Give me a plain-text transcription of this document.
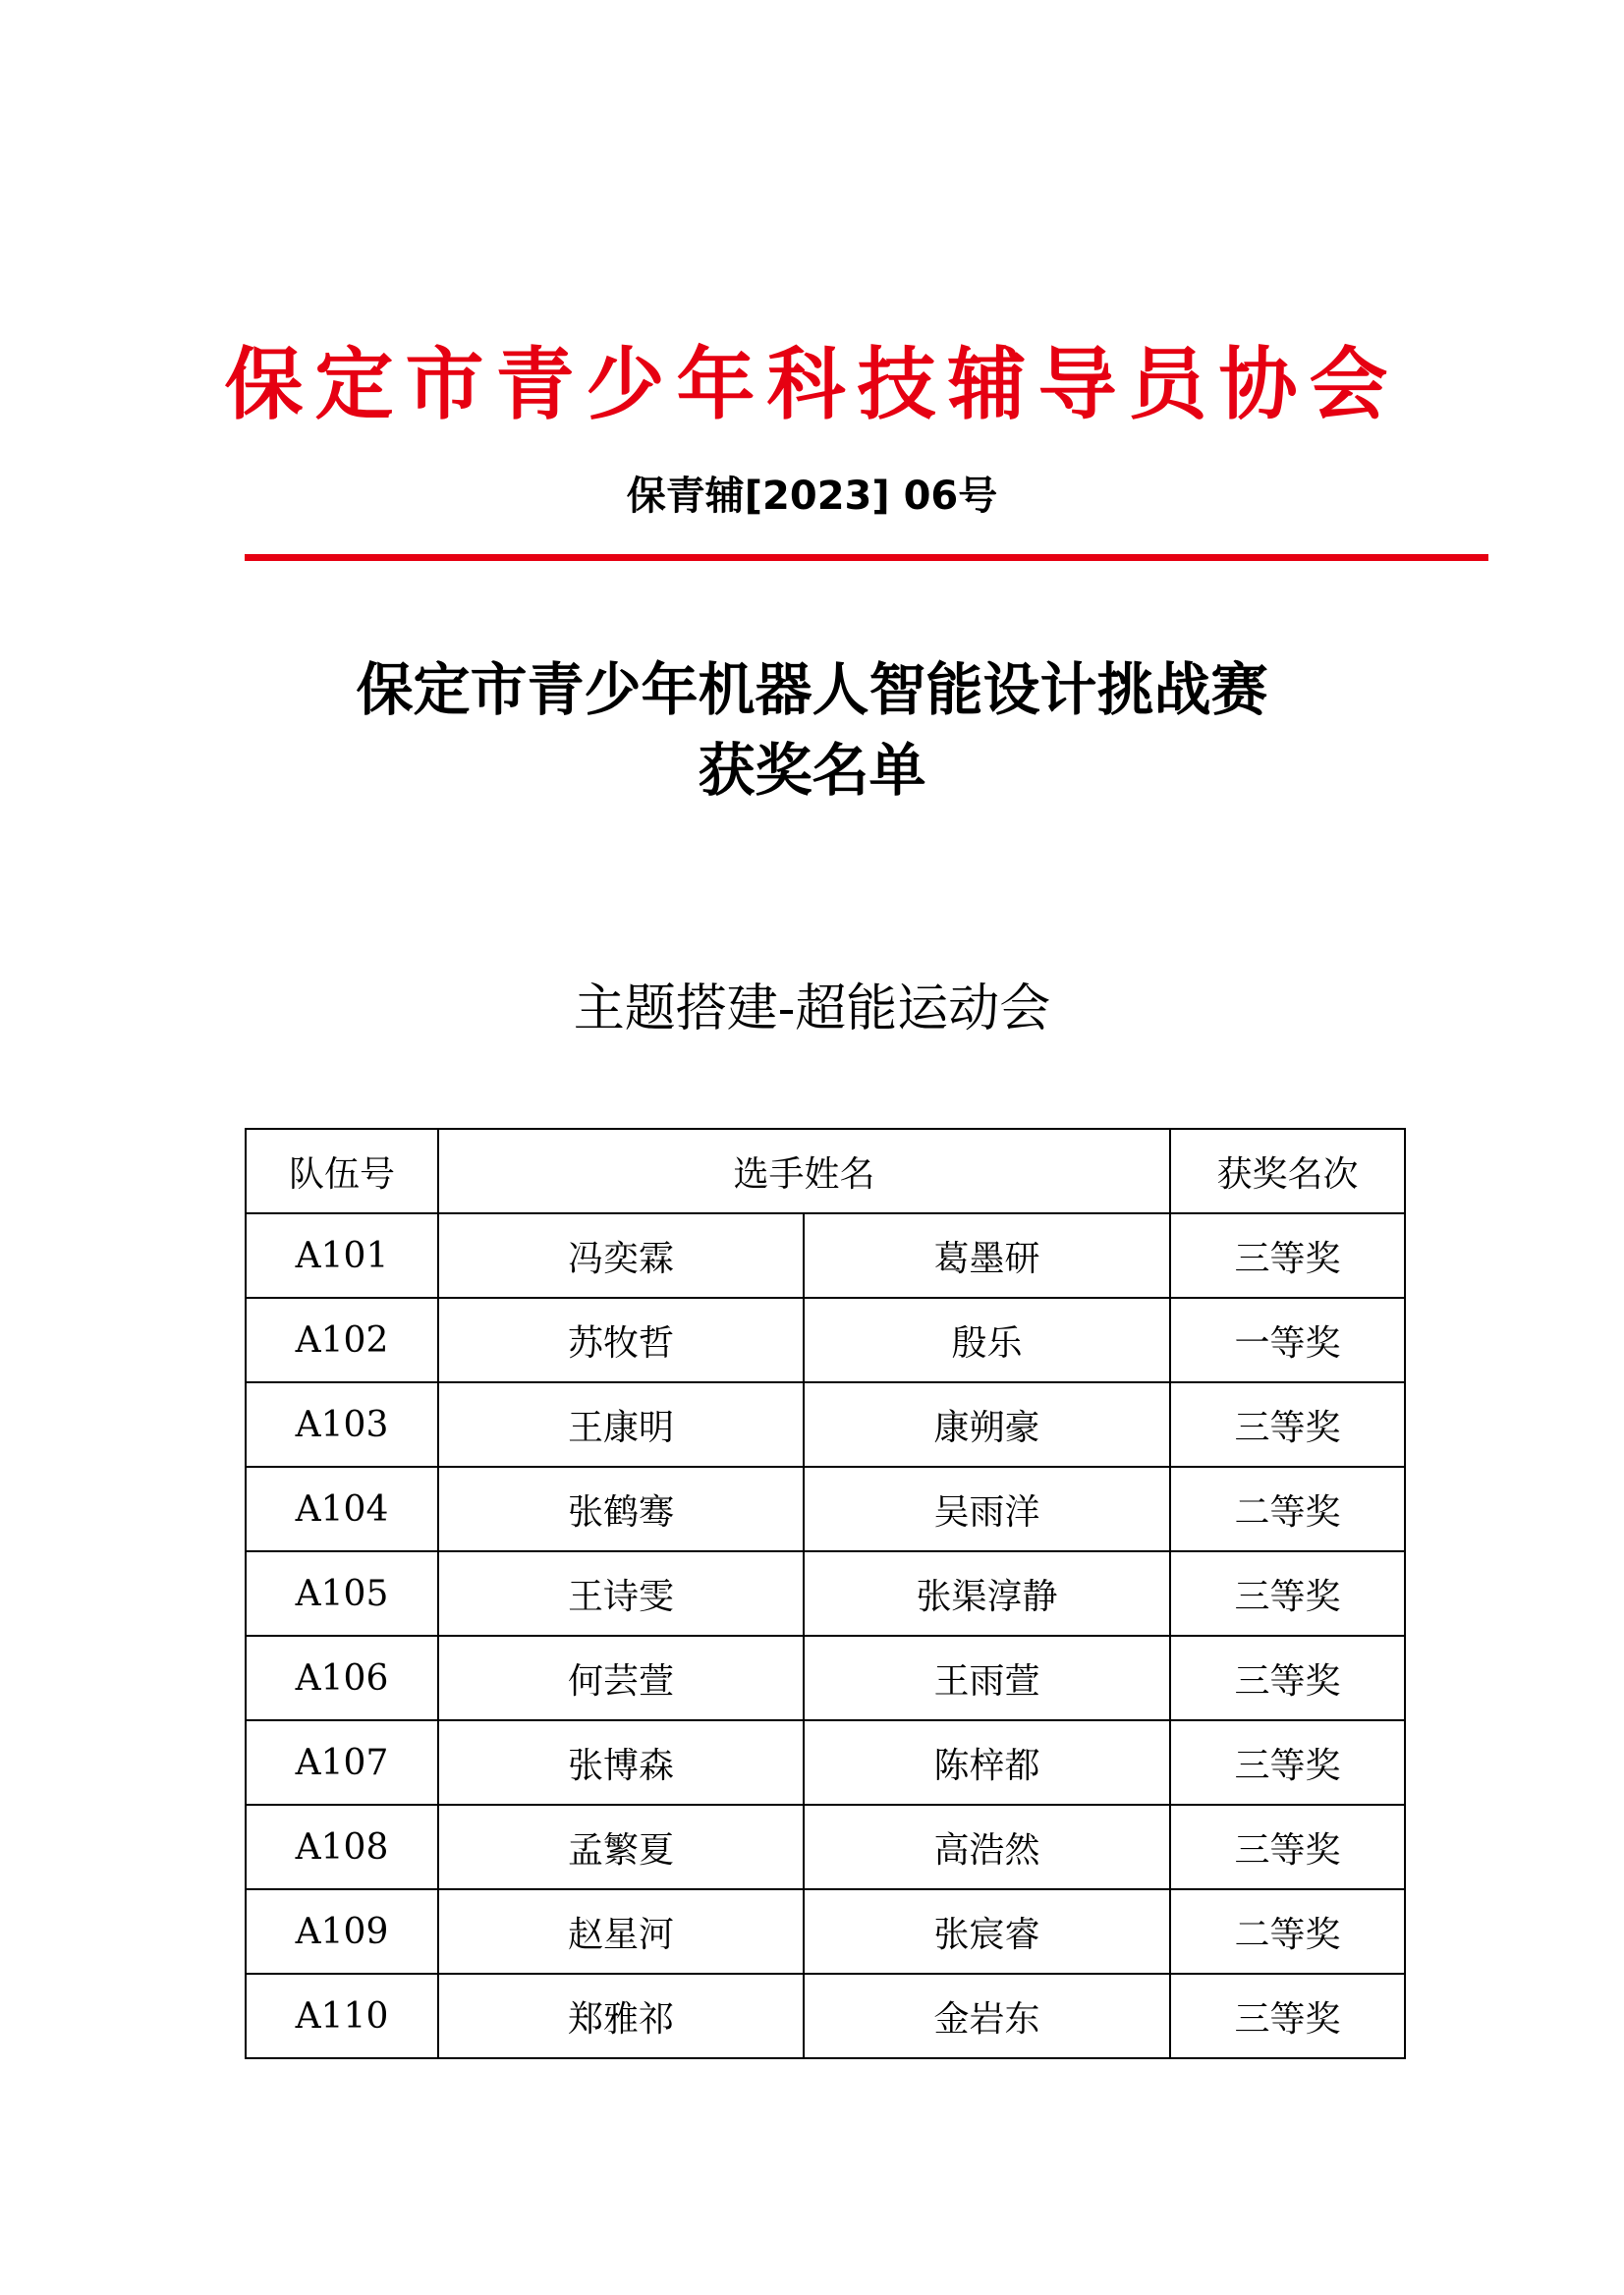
保定市青少年科技辅导员协会
保青辅[2023] 06号
保定市青少年机器人智能设计挑战赛
获奖名单
主题搭建-超能运动会
队伍号	选手姓名		获奖名次
A101	冯奕霖	葛墨研	三等奖
A102	苏牧哲	殷乐	一等奖
A103	王康明	康朔豪	三等奖
A104	张鹤骞	吴雨洋	二等奖
A105	王诗雯	张渠淳静	三等奖
A106	何芸萱	王雨萱	三等奖
A107	张博森	陈梓都	三等奖
A108	孟繁夏	高浩然	三等奖
A109	赵星河	张宸睿	二等奖
A110	郑雅祁	金岩东	三等奖
